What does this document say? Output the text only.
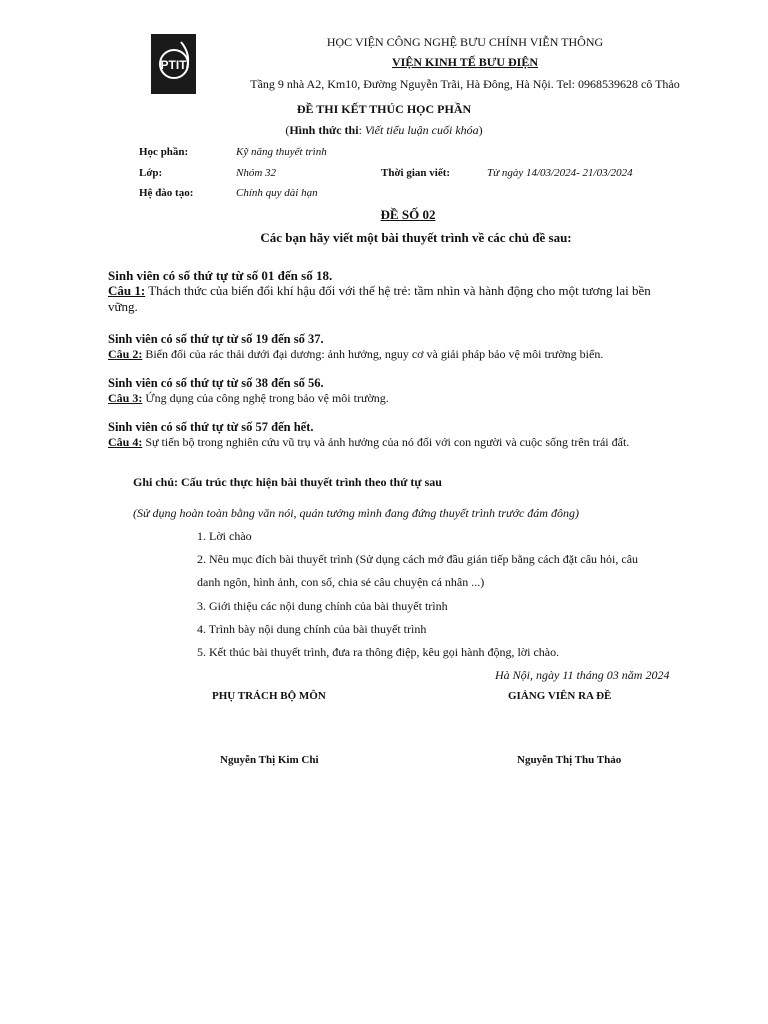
PTIT
HỌC VIỆN CÔNG NGHỆ BƯU CHÍNH VIỄN THÔNG
VIỆN KINH TẾ BƯU ĐIỆN
Tầng 9 nhà A2, Km10, Đường Nguyễn Trãi, Hà Đông, Hà Nội. Tel: 0968539628 cô Thảo
ĐỀ THI KẾT THÚC HỌC PHẦN
(Hình thức thi: Viết tiểu luận cuối khóa)
Học phần:	Kỹ năng thuyết trình
Lớp:	Nhóm 32	Thời gian viết:	Từ ngày 14/03/2024- 21/03/2024
Hệ đào tạo:	Chính quy dài hạn
ĐỀ SỐ 02
Các bạn hãy viết một bài thuyết trình về các chủ đề sau:
Sinh viên có số thứ tự từ số 01 đến số 18.
Câu 1: Thách thức của biến đổi khí hậu đối với thế hệ trẻ: tầm nhìn và hành động cho một tương lai bền
vững.
Sinh viên có số thứ tự từ số 19 đến số 37.
Câu 2: Biến đổi của rác thải dưới đại dương: ảnh hưởng, nguy cơ và giải pháp bảo vệ môi trường biển.
Sinh viên có số thứ tự từ số 38 đến số 56.
Câu 3: Ứng dụng của công nghệ trong bảo vệ môi trường.
Sinh viên có số thứ tự từ số 57 đến hết.
Câu 4: Sự tiến bộ trong nghiên cứu vũ trụ và ảnh hưởng của nó đối với con người và cuộc sống trên trái đất.
Ghi chú: Cấu trúc thực hiện bài thuyết trình theo thứ tự sau
(Sử dụng hoàn toàn bằng văn nói, quán tưởng mình đang đứng thuyết trình trước đám đông)
1. Lời chào
2. Nêu mục đích bài thuyết trình (Sử dụng cách mở đầu gián tiếp bằng cách đặt câu hỏi, câu
danh ngôn, hình ảnh, con số, chia sẻ câu chuyện cá nhân ...)
3. Giới thiệu các nội dung chính của bài thuyết trình
4. Trình bày nội dung chính của bài thuyết trình
5. Kết thúc bài thuyết trình, đưa ra thông điệp, kêu gọi hành động, lời chào.
Hà Nội, ngày 11 tháng 03 năm 2024
PHỤ TRÁCH BỘ MÔN	GIẢNG VIÊN RA ĐỀ
Nguyễn Thị Kim Chi	Nguyễn Thị Thu Thảo
